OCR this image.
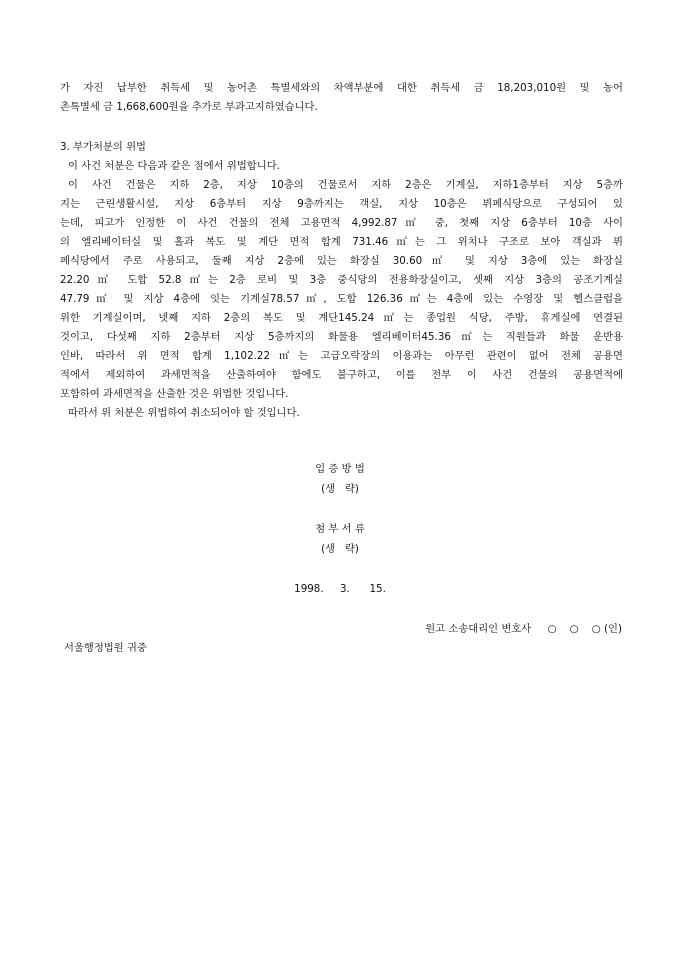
가 자진 납부한 취득세 및 농어촌 특별세와의 차액부분에 대한 취득세 금 18,203,010원 및 농어
촌특별세 금 1,668,600원을 추가로 부과고지하였습니다.
3. 부가처분의 위법
이 사건 처분은 다음과 같은 점에서 위법합니다.
이 사건 건물은 지하 2층, 지상 10층의 건물로서 지하 2층은 기계실, 지하1층부터 지상 5층까
지는 근린생활시설, 지상 6층부터 지상 9층까지는 객실, 지상 10층은 뷔페식당으로 구성되어 있
는데, 피고가 인정한 이 사건 건물의 전체 고용면적 4,992.87㎡ 중, 첫째 지상 6층부터 10층 사이
의 엘리베이터실 및 홀과 복도 및 계단 면적 합계 731.46㎡는 그 위치나 구조로 보아 객실과 뷔
페식당에서 주로 사용되고, 둘째 지상 2층에 있는 화장실 30.60㎡ 및 지상 3층에 있는 화장실
22.20㎡ 도합 52.8㎡는 2층 로비 및 3층 중식당의 전용화장실이고, 셋째 지상 3층의 공조기계실
47.79㎡ 및 지상 4층에 잇는 기계실78.57㎡, 도합 126.36㎡는 4층에 있는 수영장 및 헬스클럽을
위한 기계실이며, 넷째 지하 2층의 복도 및 계단145.24㎡는 종업원 식당, 주방, 휴게실에 연결된
것이고, 다섯째 지하 2층부터 지상 5층까지의 화물용 엘리베이터45.36㎡는 직원들과 화물 운반용
인바, 따라서 위 면적 합계 1,102.22㎡는 고급오락장의 이용과는 아무런 관련이 없어 전체 공용면
적에서 제외하여 과세면적을 산출하여야 함에도 불구하고, 이를 전부 이 사건 건물의 공용면적에
포함하여 과세면적을 산출한 것은 위법한 것입니다.
따라서 위 처분은 위법하여 취소되어야 할 것입니다.
입 증 방 법
(생   략)
첨 부 서 류
(생   략)
1998.     3.      15.
원고 소송대리인 변호사     ○    ○    ○ (인)
서울행정법원 귀중
